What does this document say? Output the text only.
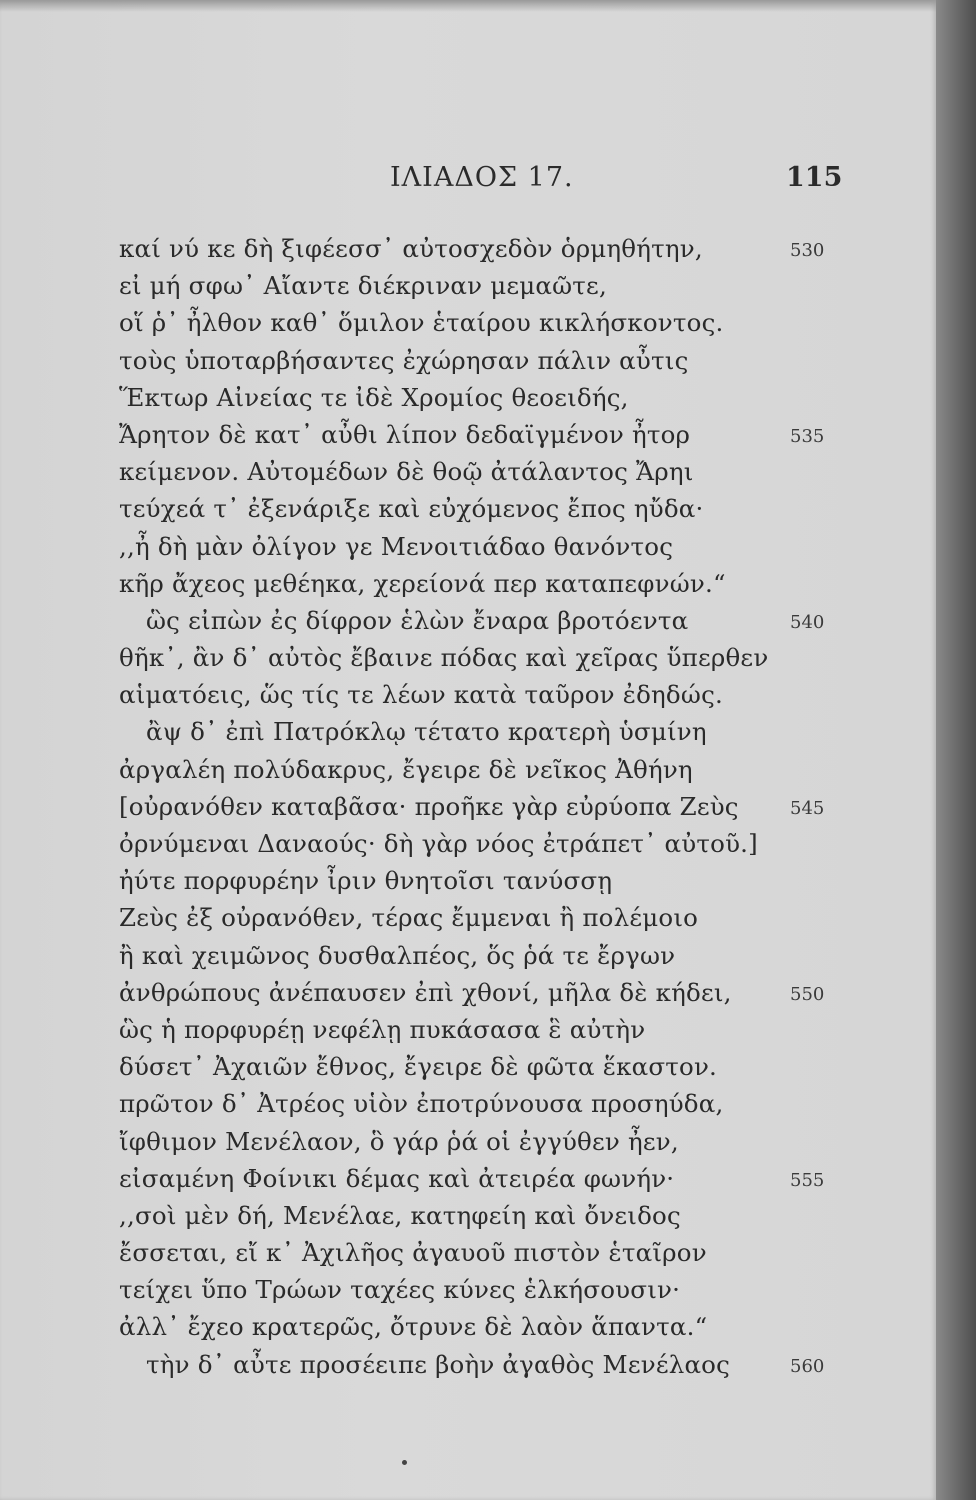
ΙΛΙΑΔΟΣ 17.	115
καί νύ κε δὴ ξιφέεσσ᾽ αὐτοσχεδὸν ὁρμηθήτην,	530
εἰ μή σφω᾽ Αἴαντε διέκριναν μεμαῶτε,
οἵ ῥ᾽ ἦλθον καθ᾽ ὅμιλον ἑταίρου κικλήσκοντος.
τοὺς ὑποταρβήσαντες ἐχώρησαν πάλιν αὖτις
Ἕκτωρ Αἰνείας τε ἰδὲ Χρομίος θεοειδής,
Ἄρητον δὲ κατ᾽ αὖθι λίπον δεδαϊγμένον ἦτορ	535
κείμενον. Αὐτομέδων δὲ θοῷ ἀτάλαντος Ἄρηι
τεύχεά τ᾽ ἐξενάριξε καὶ εὐχόμενος ἔπος ηὔδα·
,,ἦ δὴ μὰν ὀλίγον γε Μενοιτιάδαο θανόντος
κῆρ ἄχεος μεθέηκα, χερείονά περ καταπεφνών.“
ὣς εἰπὼν ἐς δίφρον ἑλὼν ἔναρα βροτόεντα	540
θῆκ᾽, ἂν δ᾽ αὐτὸς ἔβαινε πόδας καὶ χεῖρας ὕπερθεν
αἱματόεις, ὥς τίς τε λέων κατὰ ταῦρον ἐδηδώς.
ἂψ δ᾽ ἐπὶ Πατρόκλῳ τέτατο κρατερὴ ὑσμίνη
ἀργαλέη πολύδακρυς, ἔγειρε δὲ νεῖκος Ἀθήνη
[οὐρανόθεν καταβᾶσα· προῆκε γὰρ εὐρύοπα Ζεὺς	545
ὀρνύμεναι Δαναούς· δὴ γὰρ νόος ἐτράπετ᾽ αὐτοῦ.]
ἠύτε πορφυρέην ἶριν θνητοῖσι τανύσσῃ
Ζεὺς ἐξ οὐρανόθεν, τέρας ἔμμεναι ἢ πολέμοιο
ἢ καὶ χειμῶνος δυσθαλπέος, ὅς ῥά τε ἔργων
ἀνθρώπους ἀνέπαυσεν ἐπὶ χθονί, μῆλα δὲ κήδει,	550
ὣς ἡ πορφυρέῃ νεφέλῃ πυκάσασα ἓ αὐτὴν
δύσετ᾽ Ἀχαιῶν ἔθνος, ἔγειρε δὲ φῶτα ἕκαστον.
πρῶτον δ᾽ Ἀτρέος υἱὸν ἐποτρύνουσα προσηύδα,
ἴφθιμον Μενέλαον, ὃ γάρ ῥά οἱ ἐγγύθεν ἦεν,
εἰσαμένη Φοίνικι δέμας καὶ ἀτειρέα φωνήν·	555
,,σοὶ μὲν δή, Μενέλαε, κατηφείη καὶ ὄνειδος
ἔσσεται, εἴ κ᾽ Ἀχιλῆος ἀγαυοῦ πιστὸν ἑταῖρον
τείχει ὕπο Τρώων ταχέες κύνες ἑλκήσουσιν·
ἀλλ᾽ ἔχεο κρατερῶς, ὄτρυνε δὲ λαὸν ἅπαντα.“
τὴν δ᾽ αὖτε προσέειπε βοὴν ἀγαθὸς Μενέλαος	560
